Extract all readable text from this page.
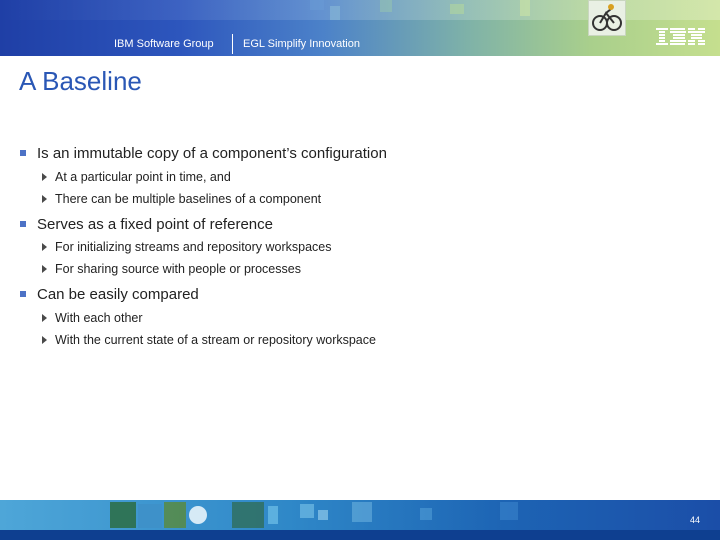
IBM Software Group	EGL Simplify Innovation
A Baseline
Is an immutable copy of a component’s configuration
At a particular point in time, and
There can be multiple baselines of a component
Serves as a fixed point of reference
For initializing streams and repository workspaces
For sharing source with people or processes
Can be easily compared
With each other
With the current state of a stream or repository workspace
44
